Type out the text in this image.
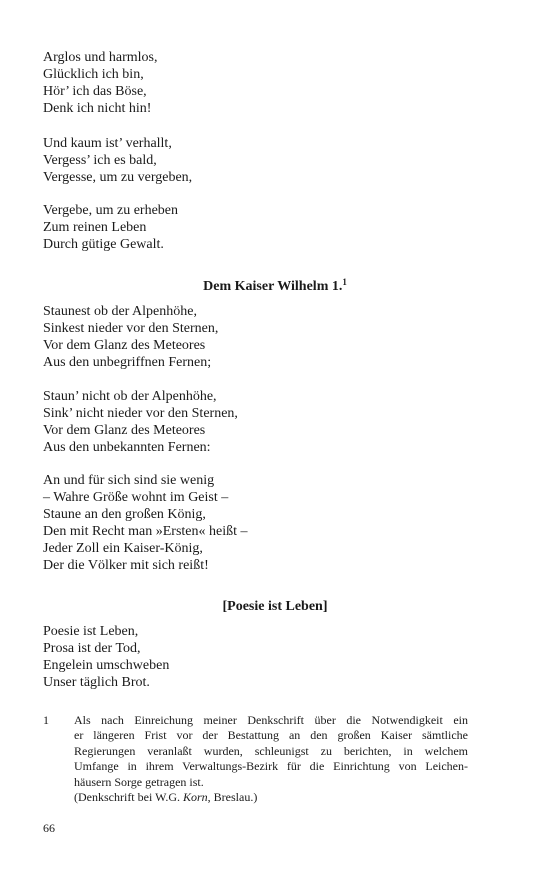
Arglos und harmlos,
Glücklich ich bin,
Hör’ ich das Böse,
Denk ich nicht hin!
Und kaum ist’ verhallt,
Vergess’ ich es bald,
Vergesse, um zu vergeben,
Vergebe, um zu erheben
Zum reinen Leben
Durch gütige Gewalt.
Dem Kaiser Wilhelm 1.$^1$
Staunest ob der Alpenhöhe,
Sinkest nieder vor den Sternen,
Vor dem Glanz des Meteores
Aus den unbegriffnen Fernen;
Staun’ nicht ob der Alpenhöhe,
Sink’ nicht nieder vor den Sternen,
Vor dem Glanz des Meteores
Aus den unbekannten Fernen:
An und für sich sind sie wenig
– Wahre Größe wohnt im Geist –
Staune an den großen König,
Den mit Recht man »Ersten« heißt –
Jeder Zoll ein Kaiser-König,
Der die Völker mit sich reißt!
[Poesie ist Leben]
Poesie ist Leben,
Prosa ist der Tod,
Engelein umschweben
Unser täglich Brot.
1 Als nach Einreichung meiner Denkschrift über die Notwendigkeit ein
er längeren Frist vor der Bestattung an den großen Kaiser sämtliche
Regierungen veranlaßt wurden, schleunigst zu berichten, in welchem
Umfange in ihrem Verwaltungs-Bezirk für die Einrichtung von Leichen-
häusern Sorge getragen ist.
(Denkschrift bei W.G. Korn, Breslau.)
66
